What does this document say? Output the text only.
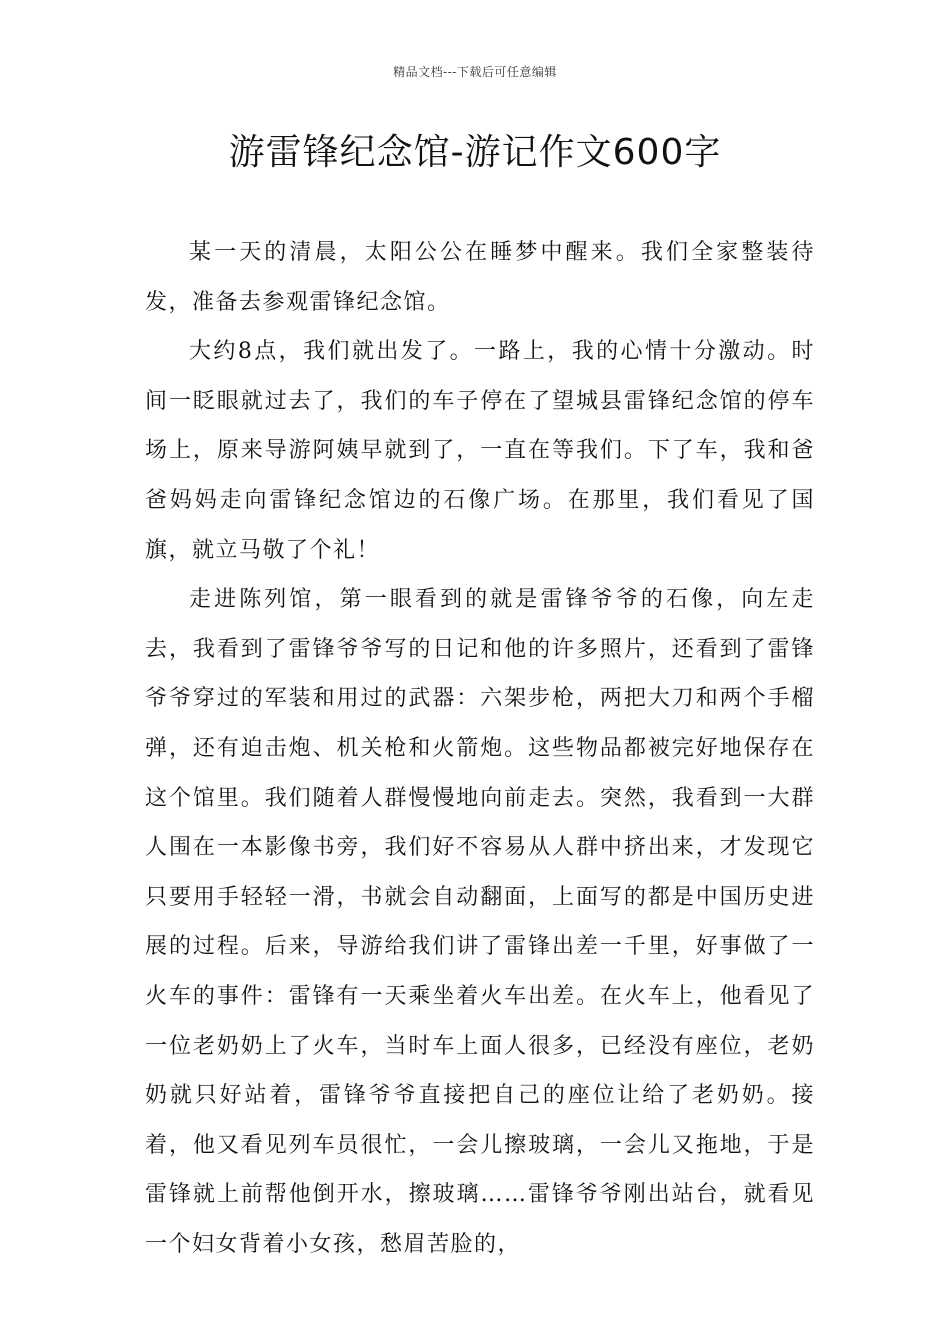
精品文档---下载后可任意编辑
游雷锋纪念馆-游记作文600字

某一天的清晨，太阳公公在睡梦中醒来。我们全家整装待发，准备去参观雷锋纪念馆。

大约8点，我们就出发了。一路上，我的心情十分激动。时间一眨眼就过去了，我们的车子停在了望城县雷锋纪念馆的停车场上，原来导游阿姨早就到了，一直在等我们。下了车，我和爸爸妈妈走向雷锋纪念馆边的石像广场。在那里，我们看见了国旗，就立马敬了个礼！

走进陈列馆，第一眼看到的就是雷锋爷爷的石像，向左走去，我看到了雷锋爷爷写的日记和他的许多照片，还看到了雷锋爷爷穿过的军装和用过的武器：六架步枪，两把大刀和两个手榴弹，还有迫击炮、机关枪和火箭炮。这些物品都被完好地保存在这个馆里。我们随着人群慢慢地向前走去。突然，我看到一大群人围在一本影像书旁，我们好不容易从人群中挤出来，才发现它只要用手轻轻一滑，书就会自动翻面，上面写的都是中国历史进展的过程。后来，导游给我们讲了雷锋出差一千里，好事做了一火车的事件：雷锋有一天乘坐着火车出差。在火车上，他看见了一位老奶奶上了火车，当时车上面人很多，已经没有座位，老奶奶就只好站着，雷锋爷爷直接把自己的座位让给了老奶奶。接着，他又看见列车员很忙，一会儿擦玻璃，一会儿又拖地，于是雷锋就上前帮他倒开水，擦玻璃……雷锋爷爷刚出站台，就看见一个妇女背着小女孩，愁眉苦脸的，
